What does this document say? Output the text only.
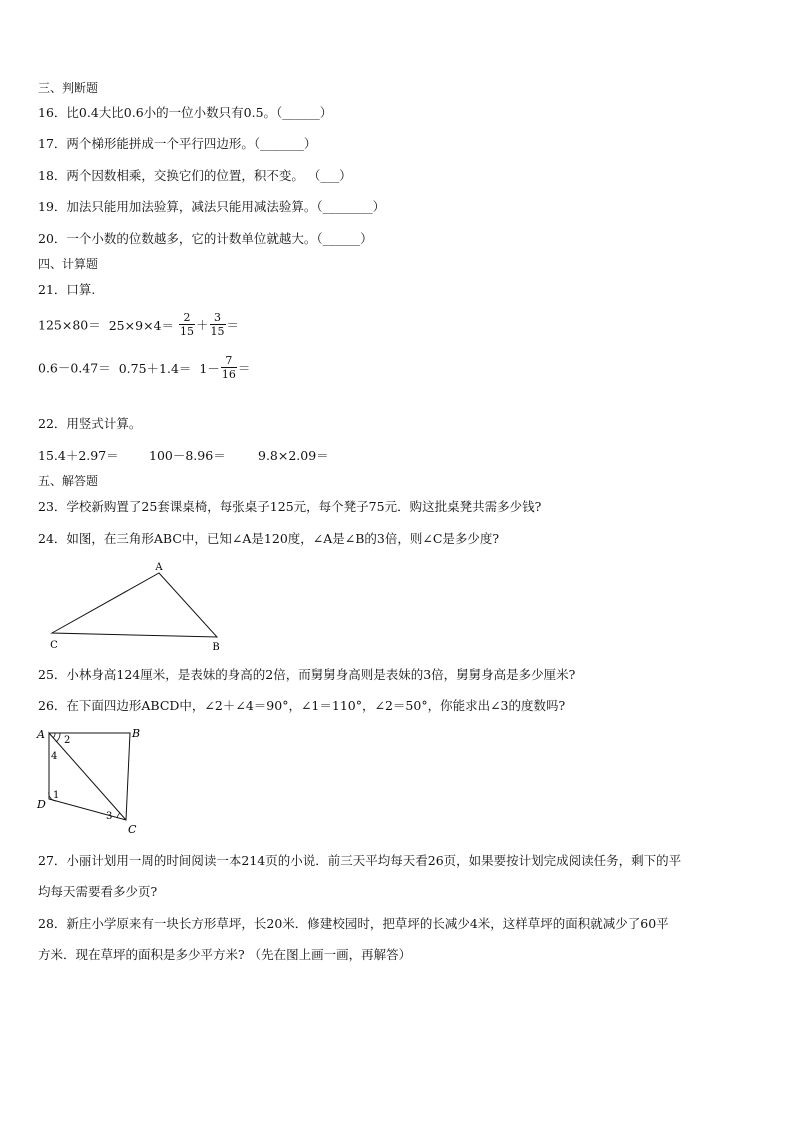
三、判断题
16．比0.4大比0.6小的一位小数只有0.5。（______）
17．两个梯形能拼成一个平行四边形。（_______）
18．两个因数相乘，交换它们的位置，积不变。 （___）
19．加法只能用加法验算，减法只能用减法验算。（________）
20．一个小数的位数越多，它的计数单位就越大。（______）
四、计算题
21．口算.
$125\times 80= 25\times 9\times 4= \frac{2}{15} + \frac{3}{15}$ ＝
$0.6-0.47= 0.75+1.4= 1- \frac{7}{16}$ ＝
22．用竖式计算。
15.4＋2.97＝ 100－8.96＝	9.8×2.09＝
五、解答题
23．学校新购置了25套课桌椅，每张桌子125元，每个凳子75元．购这批桌凳共需多少钱?
24．如图，在三角形ABC中，已知∠A是120度，∠A是∠B的3倍，则∠C是多少度?
A
C	B
25．小林身高124厘米，是表妹的身高的2倍，而舅舅身高则是表妹的3倍，舅舅身高是多少厘米?
26．在下面四边形ABCD中，∠2＋∠4＝90°，∠1＝110°，∠2＝50°，你能求出∠3的度数吗?
A	B
C
D
2
4
1
3
27．小丽计划用一周的时间阅读一本214页的小说．前三天平均每天看26页，如果要按计划完成阅读任务，剩下的平
均每天需要看多少页?
28．新庄小学原来有一块长方形草坪，长20米．修建校园时，把草坪的长减少4米，这样草坪的面积就减少了60平
方米．现在草坪的面积是多少平方米? （先在图上画一画，再解答）
